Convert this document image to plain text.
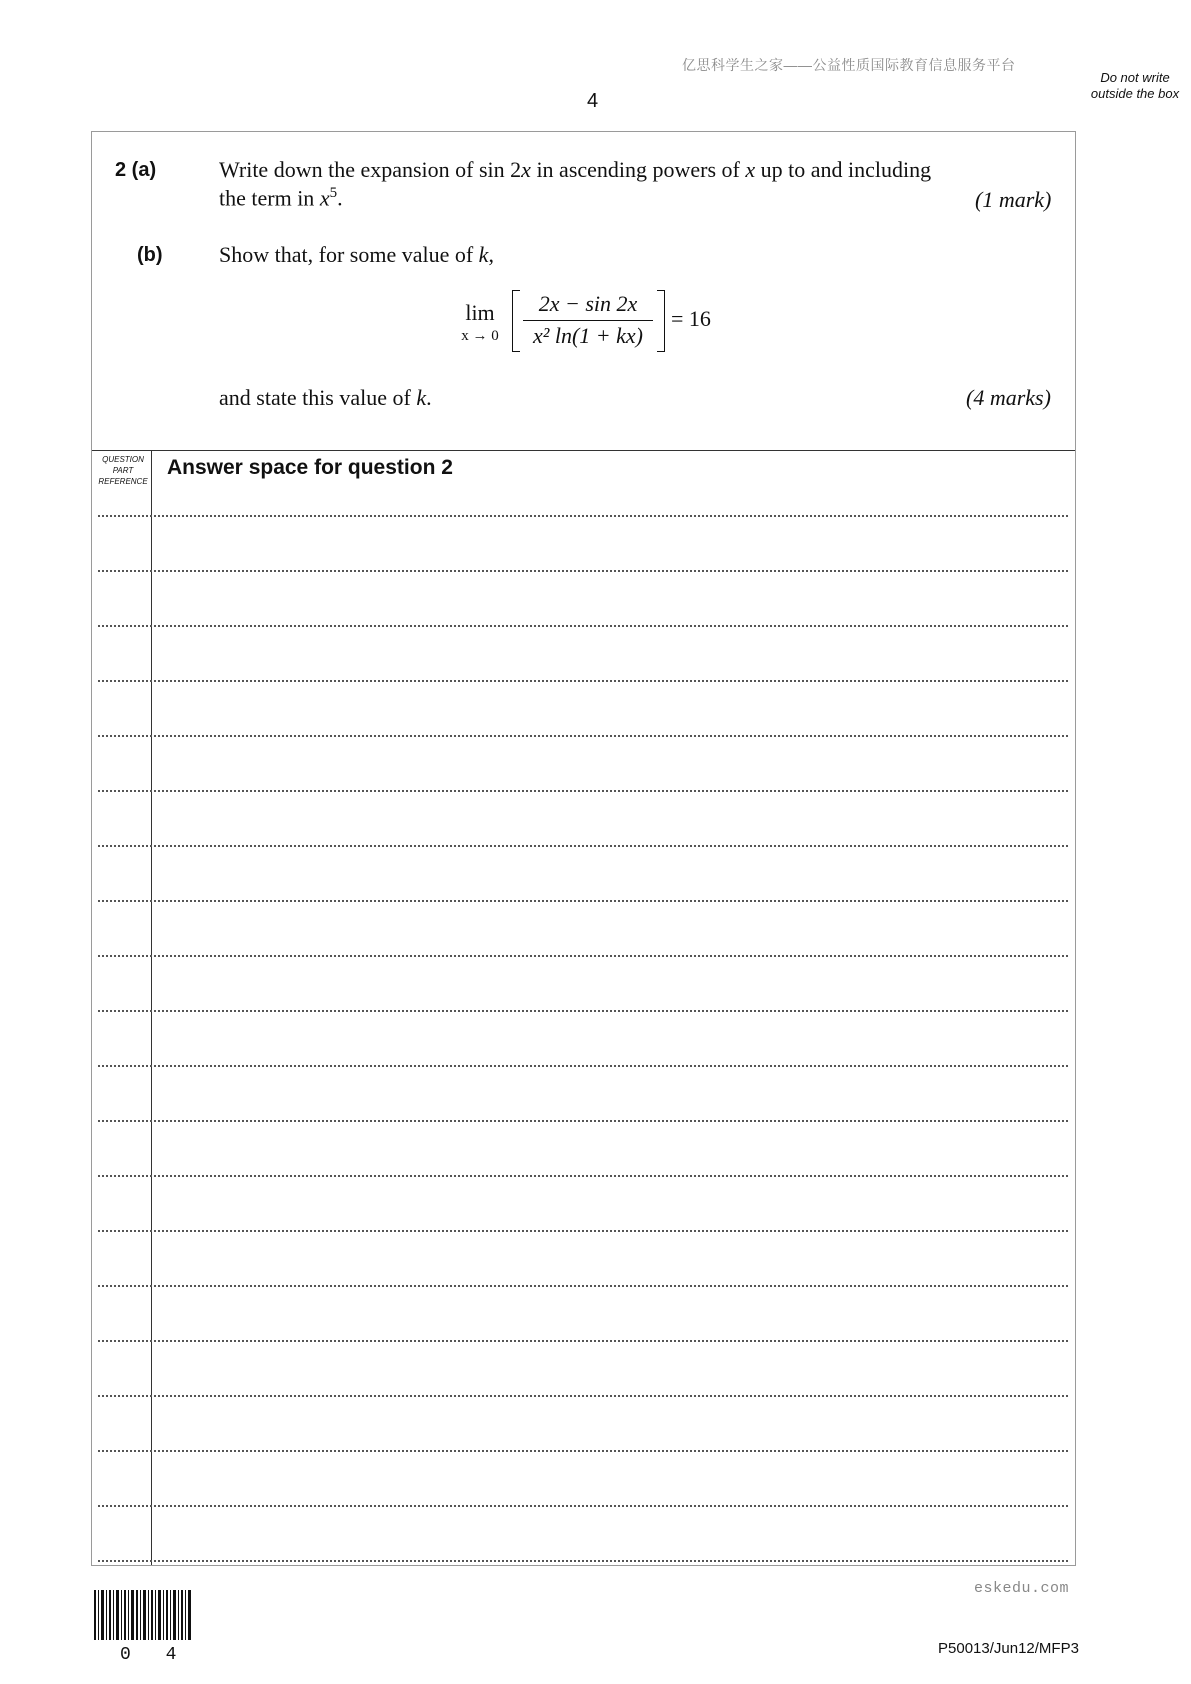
亿思科学生之家——公益性质国际教育信息服务平台
4
Do not write outside the box
2 (a)	Write down the expansion of sin 2x in ascending powers of x up to and including
the term in $x^5$.	(1 mark)
(b)	Show that, for some value of k,
lim
x → 0
2x − sin 2x
x² ln(1 + kx)
= 16
and state this value of k.	(4 marks)
QUESTION PART REFERENCE
Answer space for question 2
eskedu.com
0 4	P50013/Jun12/MFP3
